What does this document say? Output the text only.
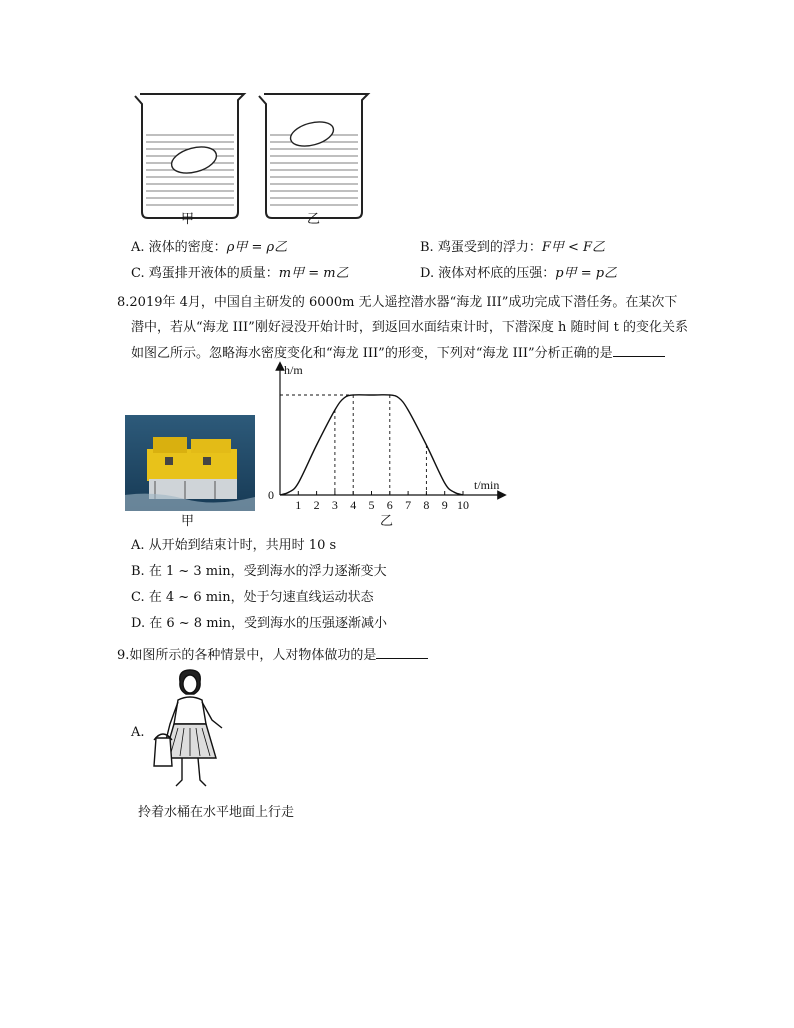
甲	乙
A. 液体的密度：ρ甲 = ρ乙	B. 鸡蛋受到的浮力：F甲 < F乙
C. 鸡蛋排开液体的质量：m甲 = m乙	D. 液体对杯底的压强：p甲 = p乙
8.2019年 4月，中国自主研发的 6000m 无人遥控潜水器“海龙 III”成功完成下潜任务。在某次下
潜中，若从“海龙 III”刚好浸没开始计时，到返回水面结束计时，下潜深度 h 随时间 t 的变化关系
如图乙所示。忽略海水密度变化和“海龙 III”的形变，下列对“海龙 III”分析正确的是
甲
1 2 3 4 5 6 7 8 9 10
0
t/min
h/m
乙
A. 从开始到结束计时，共用时 10 s
B. 在 1 ~ 3 min，受到海水的浮力逐渐变大
C. 在 4 ~ 6 min，处于匀速直线运动状态
D. 在 6 ~ 8 min，受到海水的压强逐渐减小
9.如图所示的各种情景中，人对物体做功的是
A.
拎着水桶在水平地面上行走
